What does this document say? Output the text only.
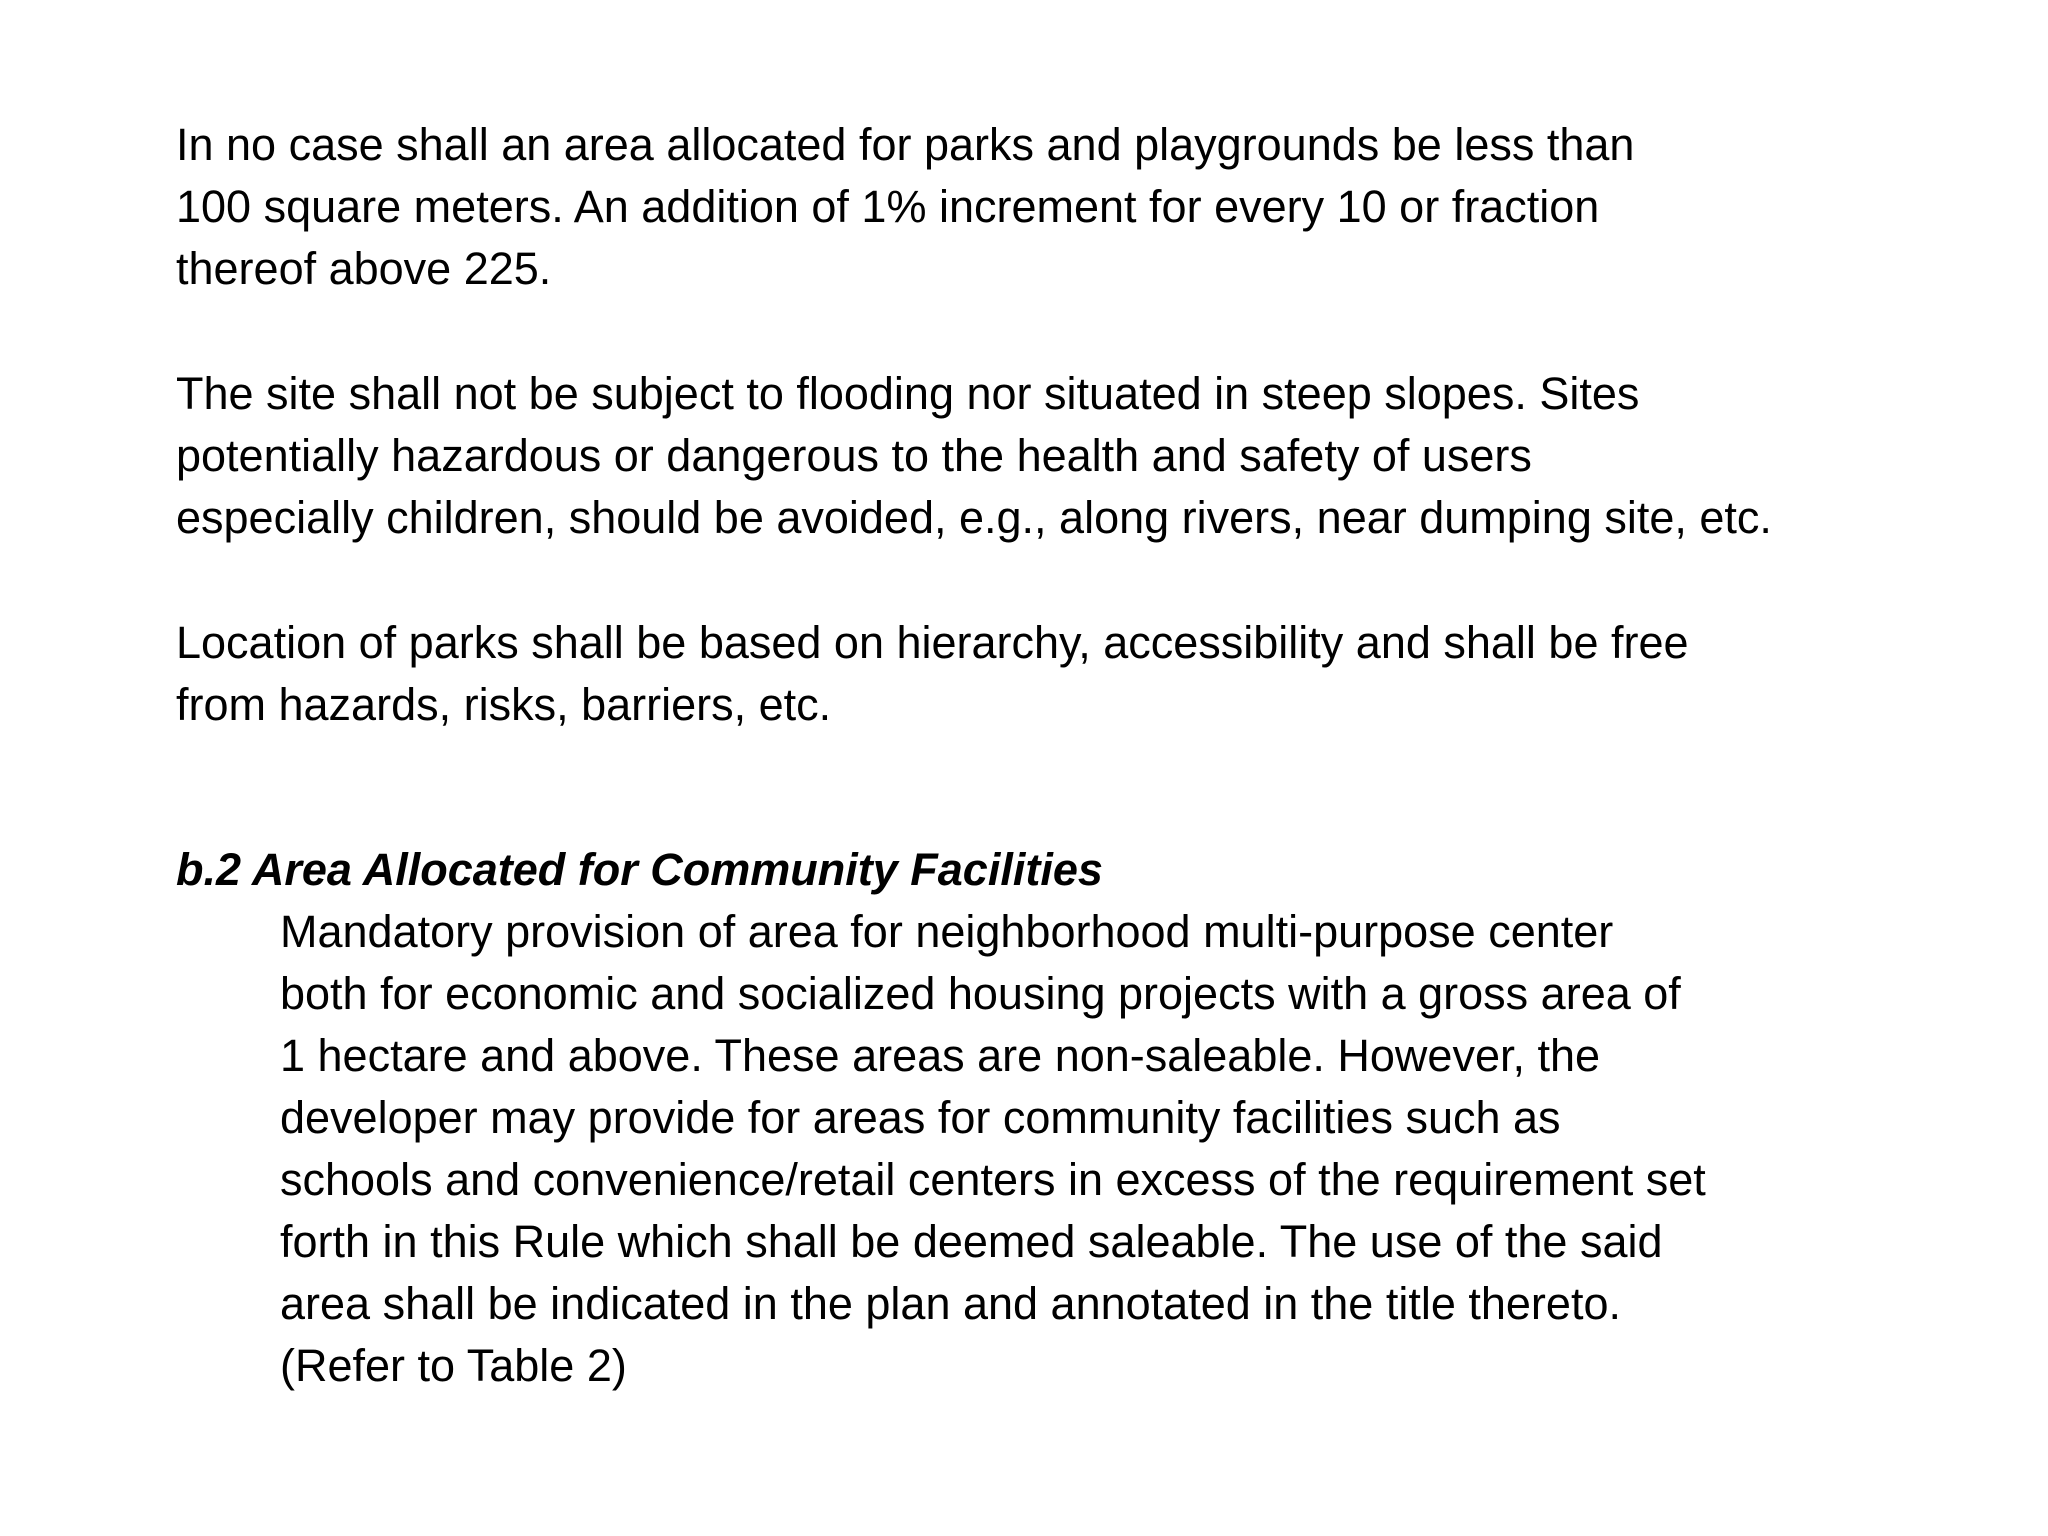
In no case shall an area allocated for parks and playgrounds be less than
100 square meters. An addition of 1% increment for every 10 or fraction
thereof above 225.

The site shall not be subject to flooding nor situated in steep slopes. Sites
potentially hazardous or dangerous to the health and safety of users
especially children, should be avoided, e.g., along rivers, near dumping site, etc.

Location of parks shall be based on hierarchy, accessibility and shall be free
from hazards, risks, barriers, etc.

b.2 Area Allocated for Community Facilities

Mandatory provision of area for neighborhood multi-purpose center
both for economic and socialized housing projects with a gross area of
1 hectare and above. These areas are non-saleable. However, the
developer may provide for areas for community facilities such as
schools and convenience/retail centers in excess of the requirement set
forth in this Rule which shall be deemed saleable. The use of the said
area shall be indicated in the plan and annotated in the title thereto.
(Refer to Table 2)
